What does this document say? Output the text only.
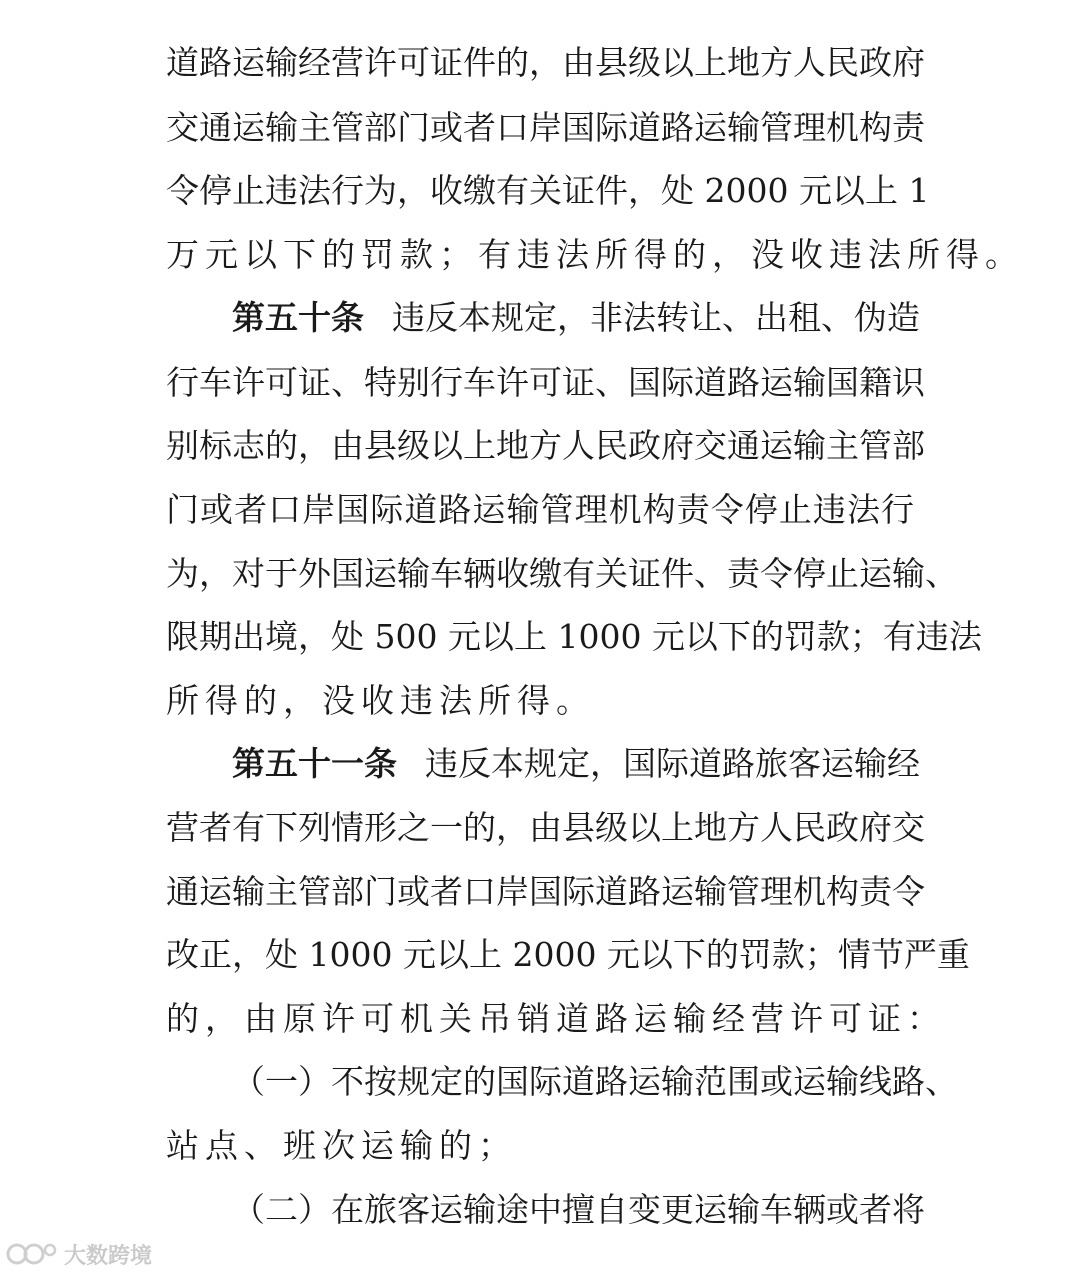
道路运输经营许可证件的，由县级以上地方人民政府
交通运输主管部门或者口岸国际道路运输管理机构责
令停止违法行为，收缴有关证件，处 2000 元以上 1
万元以下的罚款；有违法所得的，没收违法所得。
第五十条 违反本规定，非法转让、出租、伪造
行车许可证、特别行车许可证、国际道路运输国籍识
别标志的，由县级以上地方人民政府交通运输主管部
门或者口岸国际道路运输管理机构责令停止违法行
为，对于外国运输车辆收缴有关证件、责令停止运输、
限期出境，处 500 元以上 1000 元以下的罚款；有违法
所得的，没收违法所得。
第五十一条 违反本规定，国际道路旅客运输经
营者有下列情形之一的，由县级以上地方人民政府交
通运输主管部门或者口岸国际道路运输管理机构责令
改正，处 1000 元以上 2000 元以下的罚款；情节严重
的，由原许可机关吊销道路运输经营许可证：
（一）不按规定的国际道路运输范围或运输线路、
站点、班次运输的；
（二）在旅客运输途中擅自变更运输车辆或者将
大数跨境
